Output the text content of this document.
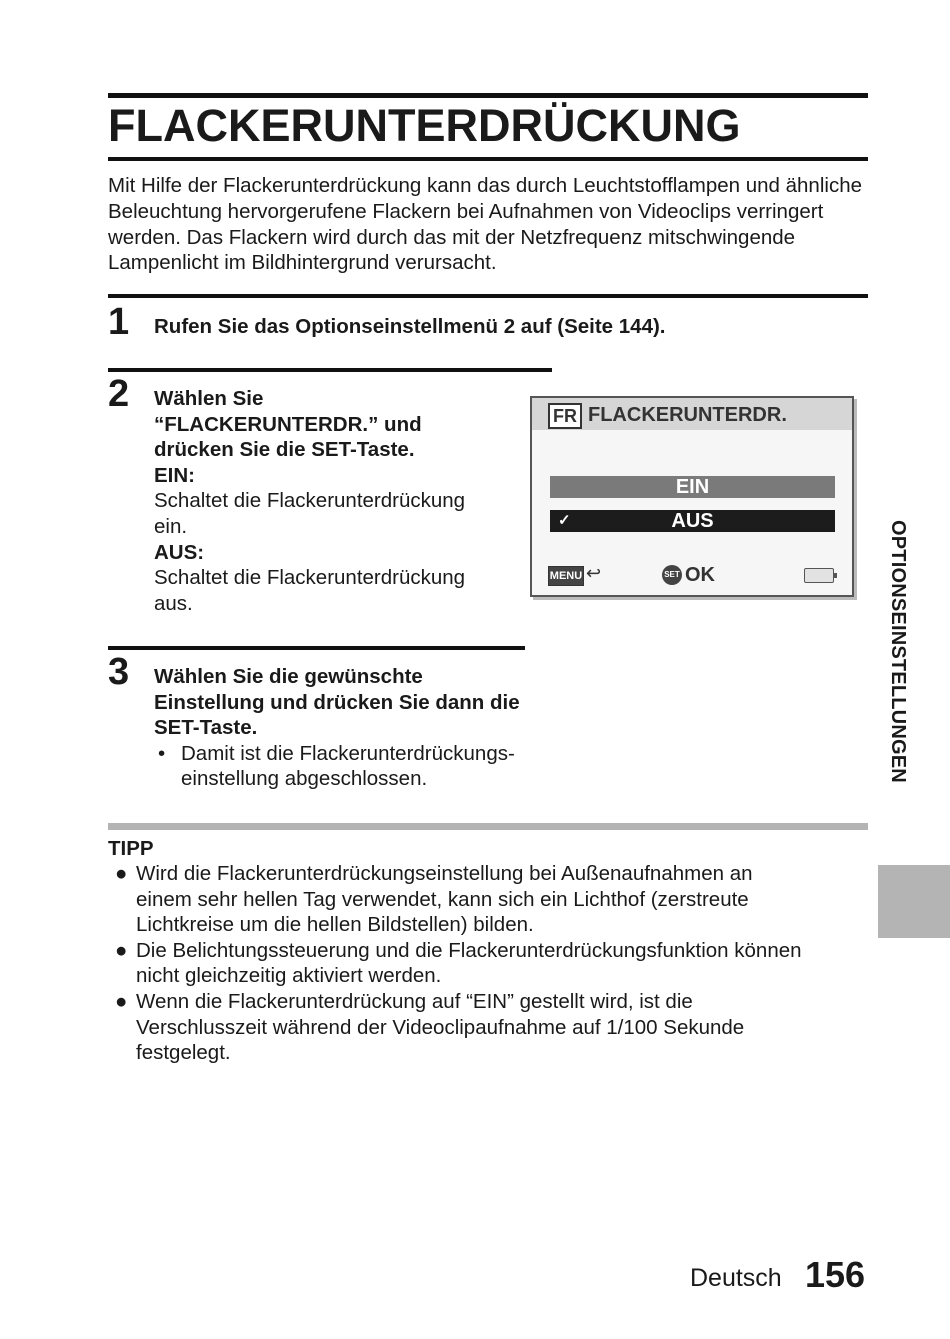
FLACKERUNTERDRÜCKUNG
Mit Hilfe der Flackerunterdrückung kann das durch Leuchtstofflampen und ähnliche Beleuchtung hervorgerufene Flackern bei Aufnahmen von Videoclips verringert werden. Das Flackern wird durch das mit der Netzfrequenz mitschwingende Lampenlicht im Bildhintergrund verursacht.
1 Rufen Sie das Optionseinstellmenü 2 auf (Seite 144).
2 Wählen Sie
“FLACKERUNTERDR.” und
drücken Sie die SET-Taste.
EIN:
Schaltet die Flackerunterdrückung
ein.
AUS:
Schaltet die Flackerunterdrückung
aus.
FR FLACKERUNTERDR.
EIN
✓	AUS
MENU ↩	SET OK
3 Wählen Sie die gewünschte
Einstellung und drücken Sie dann die
SET-Taste.
• Damit ist die Flackerunterdrückungs-
einstellung abgeschlossen.
TIPP
● Wird die Flackerunterdrückungseinstellung bei Außenaufnahmen an
einem sehr hellen Tag verwendet, kann sich ein Lichthof (zerstreute
Lichtkreise um die hellen Bildstellen) bilden.
● Die Belichtungssteuerung und die Flackerunterdrückungsfunktion können
nicht gleichzeitig aktiviert werden.
● Wenn die Flackerunterdrückung auf “EIN” gestellt wird, ist die
Verschlusszeit während der Videoclipaufnahme auf 1/100 Sekunde
festgelegt.
OPTIONSEINSTELLUNGEN
Deutsch 156
